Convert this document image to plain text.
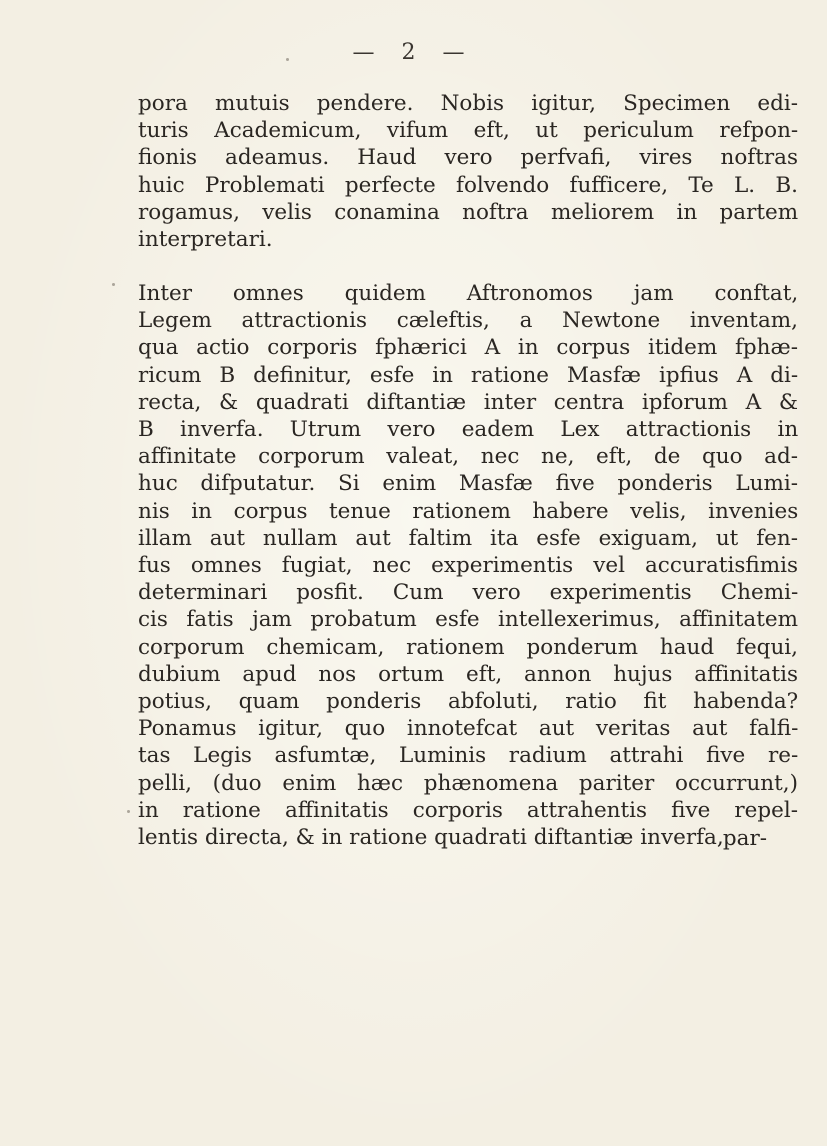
— 2 —
pora mutuis pendere. Nobis igitur, Specimen edi-
turis Academicum, vifum eft, ut periculum refpon-
fionis adeamus. Haud vero perfvafi, vires noftras
huic Problemati perfecte folvendo fufficere, Te L. B.
rogamus, velis conamina noftra meliorem in partem
interpretari.
Inter omnes quidem Aftronomos jam conftat,
Legem attractionis cæleftis, a Newtone inventam,
qua actio corporis fphærici A in corpus itidem fphæ-
ricum B definitur, esfe in ratione Masfæ ipfius A di-
recta, & quadrati diftantiæ inter centra ipforum A &
B inverfa. Utrum vero eadem Lex attractionis in
affinitate corporum valeat, nec ne, eft, de quo ad-
huc difputatur. Si enim Masfæ five ponderis Lumi-
nis in corpus tenue rationem habere velis, invenies
illam aut nullam aut faltim ita esfe exiguam, ut fen-
fus omnes fugiat, nec experimentis vel accuratisfimis
determinari posfit. Cum vero experimentis Chemi-
cis fatis jam probatum esfe intellexerimus, affinitatem
corporum chemicam, rationem ponderum haud fequi,
dubium apud nos ortum eft, annon hujus affinitatis
potius, quam ponderis abfoluti, ratio fit habenda?
Ponamus igitur, quo innotefcat aut veritas aut falfi-
tas Legis asfumtæ, Luminis radium attrahi five re-
pelli, (duo enim hæc phænomena pariter occurrunt,)
in ratione affinitatis corporis attrahentis five repel-
lentis directa, & in ratione quadrati diftantiæ inverfa, par-
